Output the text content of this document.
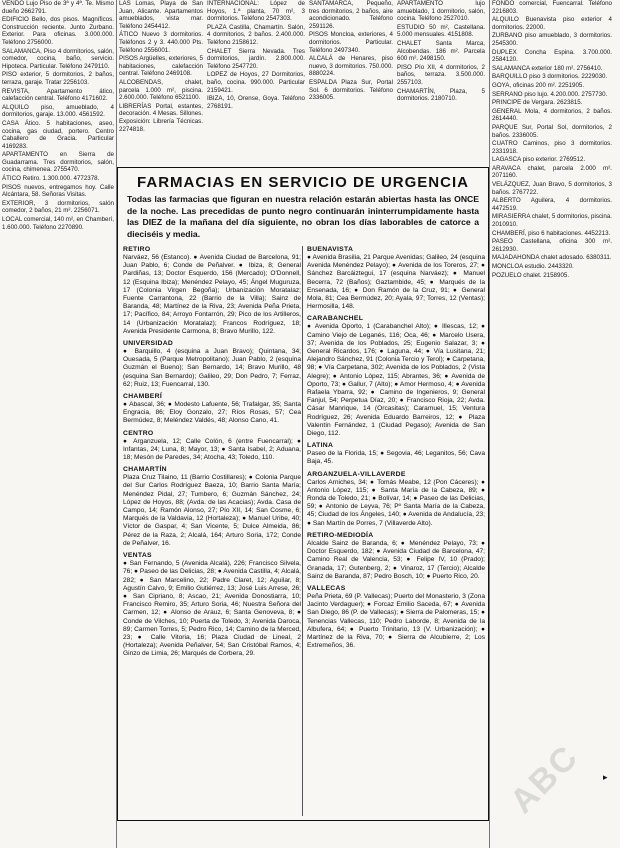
VENDO Lujo Piso de 3ª y 4ª. Te. Mismo dueño 2662791.

EDIFICIO Bello, dos pisos. Magníficos. Construcción reciente. Junto Zurbano. Exterior. Para oficinas. 3.000.000. Teléfono 2756000.

SALAMANCA, Piso 4 dormitorios, salón, comedor, cocina, baño, servicio. Hipoteca. Particular. Teléfono 2479110.

PISO exterior, 5 dormitorios, 2 baños, terraza, garaje. Tratar 2256103.

REVISTA, Apartamento ático, calefacción central. Teléfono 4171602.

ALQUILO piso, amueblado, 4 dormitorios, garaje. 13.000. 4561592.

CASA Ático. 5 habitaciones, aseo, cocina, gas ciudad, portero. Centro Caballero de Gracia. Particular 4169283.

APARTAMENTO en Sierra de Guadarrama. Tres dormitorios, salón, cocina, chimenea. 2755470.

ÁTICO Retiro. 1.300.000. 4772378.

PISOS nuevos, entregamos hoy. Calle Alcántara, 58. Señoras Visitas.

EXTERIOR, 3 dormitorios, salón comedor, 2 baños, 21 m². 2256071.

LOCAL comercial, 140 m², en Chamberí, 1.600.000. Teléfono 2270890.

LAS Lomas, Playa de San Juan, Alicante. Apartamentos amueblados, vista mar. Teléfono 2454412.

ÁTICO Nuevo 3 dormitorios. Teléfonos 2 y 3. 440.000 Pts. Teléfono 2556001.

PISOS Argüelles, exteriores, 5 habitaciones, calefacción central. Teléfono 2469108.

ALCOBENDAS, chalet, parcela 1.000 m², piscina. 2.600.000. Teléfono 6521100.

LIBRERÍAS Portal, estantes, decoración. 4 Mesas. Sillones. Exposición: Librería Técnicas. 2274818.

INTERNACIONAL: López de Hoyos, 1.ª planta, 70 m², 3 dormitorios. Teléfono 2547303.

PLAZA Castilla, Chamartín. Salón, 4 dormitorios, 2 baños. 2.400.000. Teléfono 2158612.

CHALET Sierra Nevada. Tres dormitorios, jardín. 2.800.000. Teléfono 2547720.

LOPEZ de Hoyos, 27 Dormitorios, baño, cocina. 990.000. Particular 2159421.

IBIZA, 10, Orense, Goya. Teléfono 2768191.

SANTAMARCA, Pequeño, tres dormitorios, 2 baños, aire acondicionado. Teléfono 2591126.

PISOS Moncloa, exteriores, 4 dormitorios. Particular. Teléfono 2497340.

ALCALÁ de Henares, piso nuevo, 3 dormitorios. 750.000. 8880224.

ESPALDA Plaza Sur, Portal Sol. 6 dormitorios. Teléfono 2336005.

APARTAMENTO lujo amueblado, 1 dormitorio, salón, cocina. Teléfono 2527010.

ESTUDIO 50 m², Castellana. 5.000 mensuales. 4151808.

CHALET Santa Marca, Alcobendas. 186 m². Parcela 600 m². 2498150.

PISO Pío XII, 4 dormitorios, 2 baños, terraza. 3.500.000. 2557103.

CHAMARTÍN, Plaza, 5 dormitorios. 2180710.

FONDO comercial, Fuencarral. Teléfono 2216803.

ALQUILO Buenavista piso exterior 4 dormitorios. 22000.

ZURBANO piso amueblado, 3 dormitorios. 2545300.

DUPLEX Concha Espina. 3.700.000. 2584120.

SALAMANCA exterior 180 m². 2756410.

BARQUILLO piso 3 dormitorios. 2229030.

GOYA, oficinas 200 m². 2251905.

SERRANO piso lujo. 4.200.000. 2757730.

PRINCIPE de Vergara. 2623815.

GENERAL Mola, 4 dormitorios, 2 baños. 2614440.

PARQUE Sur, Portal Sol, dormitorios, 2 baños. 2336005.

CUATRO Caminos, piso 3 dormitorios. 2331918.

LAGASCA piso exterior. 2769512.

ARAVACA chalet, parcela 2.000 m². 2071160.

VELÁZQUEZ, Juan Bravo, 5 dormitorios, 3 baños. 2767722.

ALBERTO Aguilera, 4 dormitorios. 4472519.

MIRASIERRA chalet, 5 dormitorios, piscina. 2010910.

CHAMBERÍ, piso 6 habitaciones. 4452213.

PASEO Castellana, oficina 300 m². 2612930.

MAJADAHONDA chalet adosado. 6380311.

MONCLOA estudio. 2443320.

POZUELO chalet. 2158905.

FARMACIAS EN SERVICIO DE URGENCIA
Todas las farmacias que figuran en nuestra relación estarán abiertas hasta las ONCE de la noche. Las precedidas de punto negro continuarán ininterrumpidamente hasta las DIEZ de la mañana del día siguiente, no obran los días laborables de catorce a dieciséis y media.
RETIRO

Narváez, 56 (Estanco). ● Avenida Ciudad de Barcelona, 91; Juan Pablo, 6; Conde de Peñalver. ● Ibiza, 8; General Pardiñas, 13; Doctor Esquerdo, 156 (Mercado); O'Donnell, 12 (Esquina Ibiza); Menéndez Pelayo, 45; Ángel Muguruza, 17 (Colonia Virgen Begoña); Urbanización Moratalaz; Fuente Carrantona, 22 (Barrio de la Villa); Sainz de Baranda, 48; Martínez de la Riva, 23; Avenida Peña Prieta, 17; Pacífico, 84; Arroyo Fontarrón, 29; Pico de los Artilleros, 14 (Urbanización Moratalaz); Francos Rodríguez, 18; Avenida Presidente Carmona, 8; Bravo Murillo, 122.

UNIVERSIDAD

● Barquillo, 4 (esquina a Juan Bravo); Quintana, 34; Ouesada, 5 (Parque Metropolitano); Juan Pablo, 2 (esquina Guzmán el Bueno); San Bernardo, 14; Bravo Murillo, 48 (esquina San Bernardo); Galileo, 29; Don Pedro, 7; Ferraz, 62; Ruiz, 13; Fuencarral, 130.

CHAMBERÍ

● Abascal, 36; ● Modesto Lafuente, 56; Trafalgar, 35; Santa Engracia, 86; Eloy Gonzalo, 27; Ríos Rosas, 57; Cea Bermúdez, 8; Meléndez Valdés, 48; Alonso Cano, 41.

CENTRO

● Arganzuela, 12; Calle Colón, 6 (entre Fuencarral); ● Infantas, 24; Luna, 8; Mayor, 13; ● Santa Isabel, 2; Aduana, 18; Mesón de Paredes, 34; Atocha, 43; Toledo, 110.

CHAMARTÍN

Plaza Cruz Tilaino, 11 (Barrio Costillares); ● Colonia Parque del Sur Carlos Rodríguez Baeza, 10; Barrio Santa María; Menéndez Pidal, 27; Tumbero, 6; Guzmán Sánchez, 24; López de Hoyos, 88; (Avda. de las Acacias); Avda. Casa de Campo, 14; Ramón Alonso, 27; Pío XII, 14; San Cosme, 6; Marqués de la Valdavia, 12 (Hortaleza); ● Manuel Uribe, 40; Víctor de Gaspar, 4; San Vicente, 5; Dulce Almeida, 86; Pérez de la Raza, 2; Alcalá, 164; Arturo Soria, 172; Conde de Peñalver, 16.

VENTAS

● San Fernando, 5 (Avenida Alcalá), 226; Francisco Silvela, 76; ● Paseo de las Delicias, 28; ● Avenida Castilla, 4; Alcalá, 282; ● San Marcelino, 22; Padre Claret, 12; Aguilar, 8; Agustín Calvo, 9; Emilio Gutiérrez, 13; José Luis Arrese, 26; ● San Cipriano, 8; Ascao, 21; Avenida Donostiarra, 10; Francisco Remiro, 35; Arturo Soria, 46; Nuestra Señora del Carmen, 12; ● Alonso de Arauz, 6; Santa Genoveva, 8; ● Conde de Vilches, 10; Puerta de Toledo, 3; Avenida Daroca, 89; Carmen Torres, 5; Pedro Rico, 14; Camino de la Merced, 23; ● Calle Vitoria, 16; Plaza Ciudad de Lineal, 2 (Hortaleza); Avenida Peñalver, 54; San Cristóbal Ramos, 4; Ginzo de Limia, 26; Marqués de Corbera, 29.

BUENAVISTA

● Avenida Brasilia, 21 Parque Avenidas; Galileo, 24 (esquina Avenida Menéndez Pelayo); ● Avenida de los Toreros, 27; ● Sánchez Barcáiztegui, 17 (esquina Narváez); ● Manuel Becerra, 72 (Baños); Gaztambide, 45; ● Marqués de la Ensenada, 16; ● Don Ramón de la Cruz, 91; ● General Mola, 81; Cea Bermúdez, 20; Ayala, 97; Torres, 12 (Ventas); Hermosilla, 148.

CARABANCHEL

● Avenida Oporto, 1 (Carabanchel Alto); ● Illescas, 12; ● Camino Viejo de Leganés, 116; Oca, 46; ● Marcelo Usera, 37; Avenida de los Poblados, 25; Eugenio Salazar, 3; ● General Ricardos, 176; ● Laguna, 44; ● Vía Lusitana, 21; Alejandro Sánchez, 91 (Colonia Tercio y Terol); ● Carpetana, 98; ● Vía Carpetana, 302; Avenida de los Poblados, 2 (Vista Alegre); ● Antonio López, 115; Abrantes, 36; ● Avenida de Oporto, 73; ● Gallur, 7 (Alto); ● Amor Hermoso, 4; ● Avenida Rafaela Ybarra, 92; ● Camino de Ingenieros, 9; General Fanjul, 54; Perpetua Díaz, 20; ● Francisco Rioja, 22; Avda. Cásar Manrique, 14 (Orcasitas); Caramuel, 15; Ventura Rodríguez, 26; Avenida Eduardo Barreiros, 12; ● Plaza Valentín Fernández, 1 (Ciudad Pegaso); Avenida de San Diego, 112.

LATINA

Paseo de la Florida, 15; ● Segovia, 46; Leganitos, 56; Cava Baja, 45.

ARGANZUELA-VILLAVERDE

Carlos Arniches, 34; ● Tomás Meabe, 12 (Pon Cáceres); ● Antonio López, 115; ● Santa María de la Cabeza, 89; ● Ronda de Toledo, 21; ● Bolívar, 14; ● Paseo de las Delicias, 59; ● Antonio de Leyva, 76; Pº Santa María de la Cabeza, 45; Ciudad de los Ángeles, 140; ● Avenida de Andalucía, 23; ● San Martín de Porres, 7 (Villaverde Alto).

RETIRO-MEDIODÍA

Alcalde Sainz de Baranda, 6; ● Menéndez Pelayo, 73; ● Doctor Esquerdo, 182; ● Avenida Ciudad de Barcelona, 47; Camino Real de Valencia, 53; ● Felipe IV, 10 (Prado); Granada, 17; Gutenberg, 2; ● Vinaroz, 17 (Tercio); Alcalde Sainz de Baranda, 87; Pedro Bosch, 10; ● Puerto Rico, 20.

VALLECAS

Peña Prieta, 69 (P. Vallecas); Puerto del Monasterio, 3 (Zona Jacinto Verdaguer); ● Forcaz Emilio Saceda, 67; ● Avenida San Diego, 86 (P. de Vallecas); ● Sierra de Palomeras, 15; ● Tenencias Vallecas, 110; Pedro Laborde, 8; Avenida de la Albufera, 64; ● Puerto Trinitario, 13 (V. Urbanización); ● Martínez de la Riva, 70; ● Sierra de Alcubierre, 2; Los Extremeños, 36.

ABC ▸
